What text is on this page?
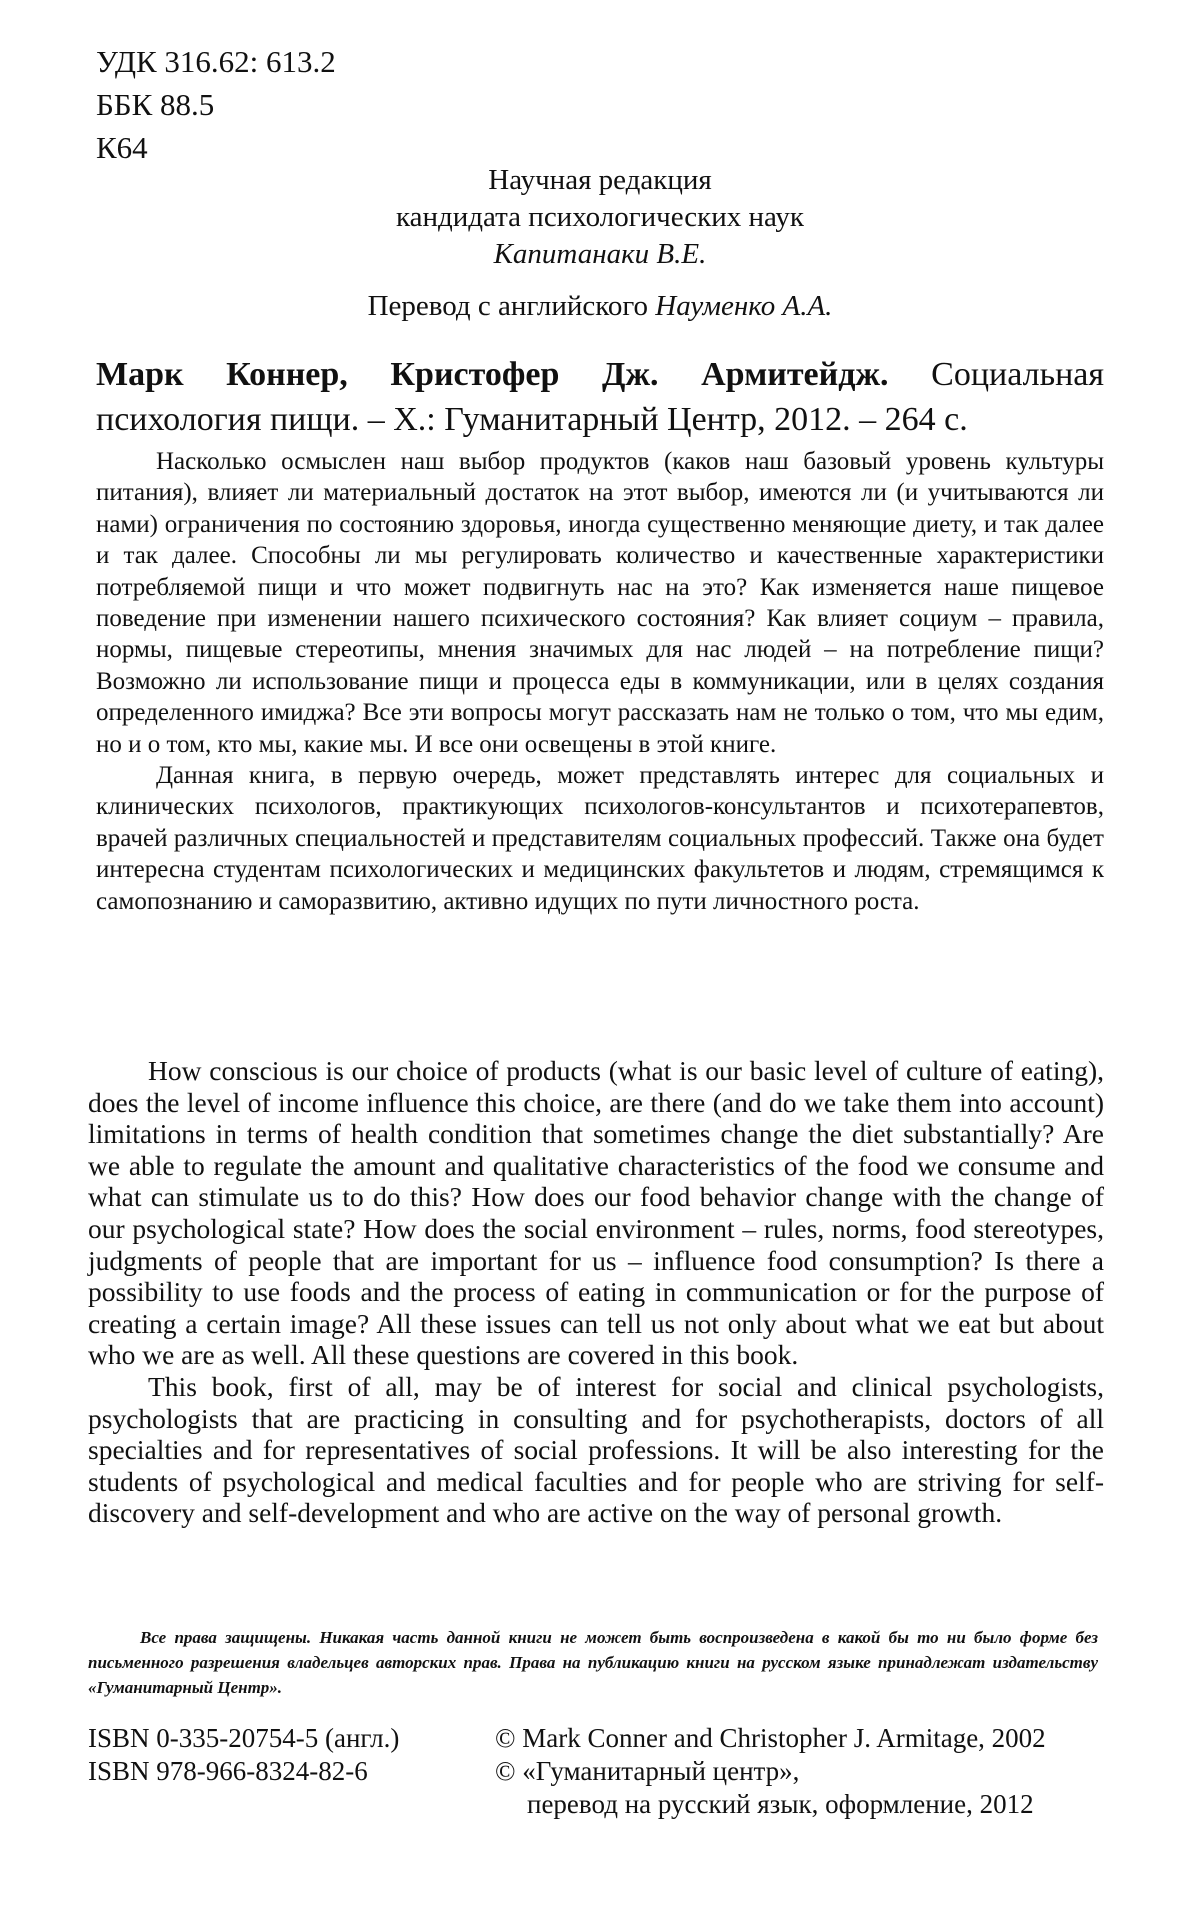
УДК 316.62: 613.2
ББК 88.5
К64
Научная редакция
кандидата психологических наук
Капитанаки В.Е.
Перевод с английского Науменко А.А.
Марк Коннер, Кристофер Дж. Армитейдж. Социальная психология пищи. – Х.: Гуманитарный Центр, 2012. – 264 с.

Насколько осмыслен наш выбор продуктов (каков наш базовый уровень культуры питания), влияет ли материальный достаток на этот выбор, имеются ли (и учитываются ли нами) ограничения по состоянию здоровья, иногда существенно меняющие диету, и так далее и так далее. Способны ли мы регулировать количество и качественные характеристики потребляемой пищи и что может подвигнуть нас на это? Как изменяется наше пищевое поведение при изменении нашего психического состояния? Как влияет социум – правила, нормы, пищевые стереотипы, мнения значимых для нас людей – на потребление пищи? Возможно ли использование пищи и процесса еды в коммуникации, или в целях создания определенного имиджа? Все эти вопросы могут рассказать нам не только о том, что мы едим, но и о том, кто мы, какие мы. И все они освещены в этой книге.

Данная книга, в первую очередь, может представлять интерес для социальных и клинических психологов, практикующих психологов-консультантов и психотерапевтов, врачей различных специальностей и представителям социальных профессий. Также она будет интересна студентам психологических и медицинских факультетов и людям, стремящимся к самопознанию и саморазвитию, активно идущих по пути личностного роста.

How conscious is our choice of products (what is our basic level of culture of eating), does the level of income influence this choice, are there (and do we take them into account) limitations in terms of health condition that sometimes change the diet substantially? Are we able to regulate the amount and qualitative characteristics of the food we consume and what can stimulate us to do this? How does our food behavior change with the change of our psychological state? How does the social environment – rules, norms, food stereotypes, judgments of people that are important for us – influence food consumption? Is there a possibility to use foods and the process of eating in communication or for the purpose of creating a certain image? All these issues can tell us not only about what we eat but about who we are as well. All these questions are covered in this book.

This book, first of all, may be of interest for social and clinical psychologists, psychologists that are practicing in consulting and for psychotherapists, doctors of all specialties and for representatives of social professions. It will be also interesting for the students of psychological and medical faculties and for people who are striving for self-discovery and self-development and who are active on the way of personal growth.

Все права защищены. Никакая часть данной книги не может быть воспроизведена в какой бы то ни было форме без письменного разрешения владельцев авторских прав. Права на публикацию книги на русском языке принадлежат издательству «Гуманитарный Центр».
ISBN 0-335-20754-5 (англ.)
ISBN 978-966-8324-82-6
© Mark Conner and Christopher J. Armitage, 2002
© «Гуманитарный центр»,
перевод на русский язык, оформление, 2012
